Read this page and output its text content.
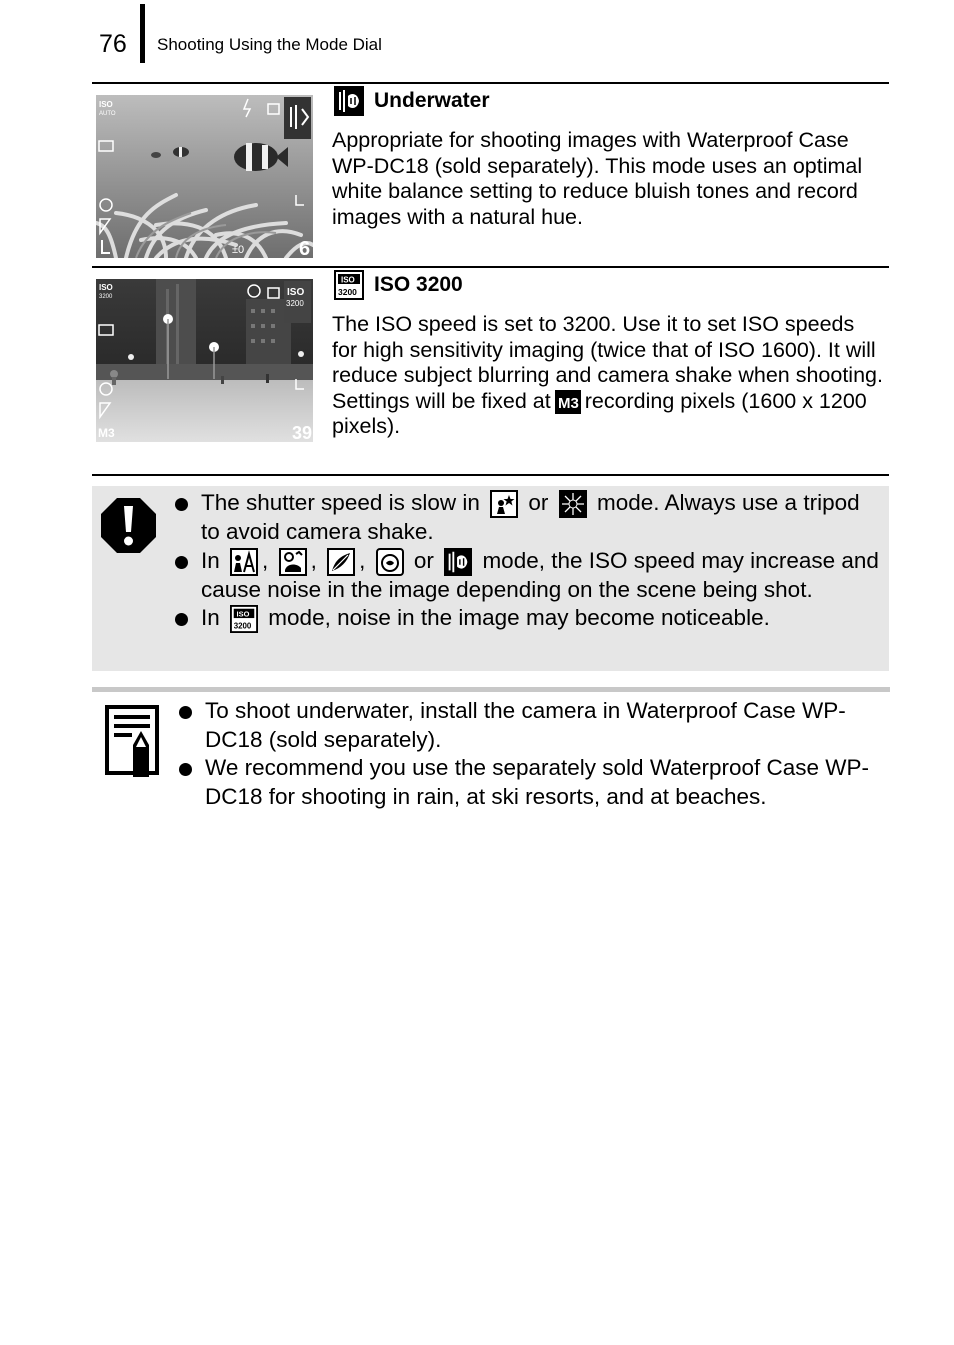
76 Shooting Using the Mode Dial
ISO
AUTO
±0	6
Underwater
Appropriate for shooting images with Waterproof Case WP-DC18 (sold separately). This mode uses an optimal white balance setting to reduce bluish tones and record images with a natural hue.
ISO
3200
M3	39
ISO
3200
ISO
3200 ISO 3200
The ISO speed is set to 3200. Use it to set ISO speeds for high sensitivity imaging (twice that of ISO 1600). It will reduce subject blurring and camera shake when shooting.
Settings will be fixed at M3 recording pixels (1600 x 1200 pixels).
The shutter speed is slow in or mode. Always use a tripod to avoid camera shake.
In , , , or mode, the ISO speed may increase and cause noise in the image depending on the scene being shot.
In ISO
3200 mode, noise in the image may become noticeable.
To shoot underwater, install the camera in Waterproof Case WP-DC18 (sold separately).
We recommend you use the separately sold Waterproof Case WP-DC18 for shooting in rain, at ski resorts, and at beaches.
